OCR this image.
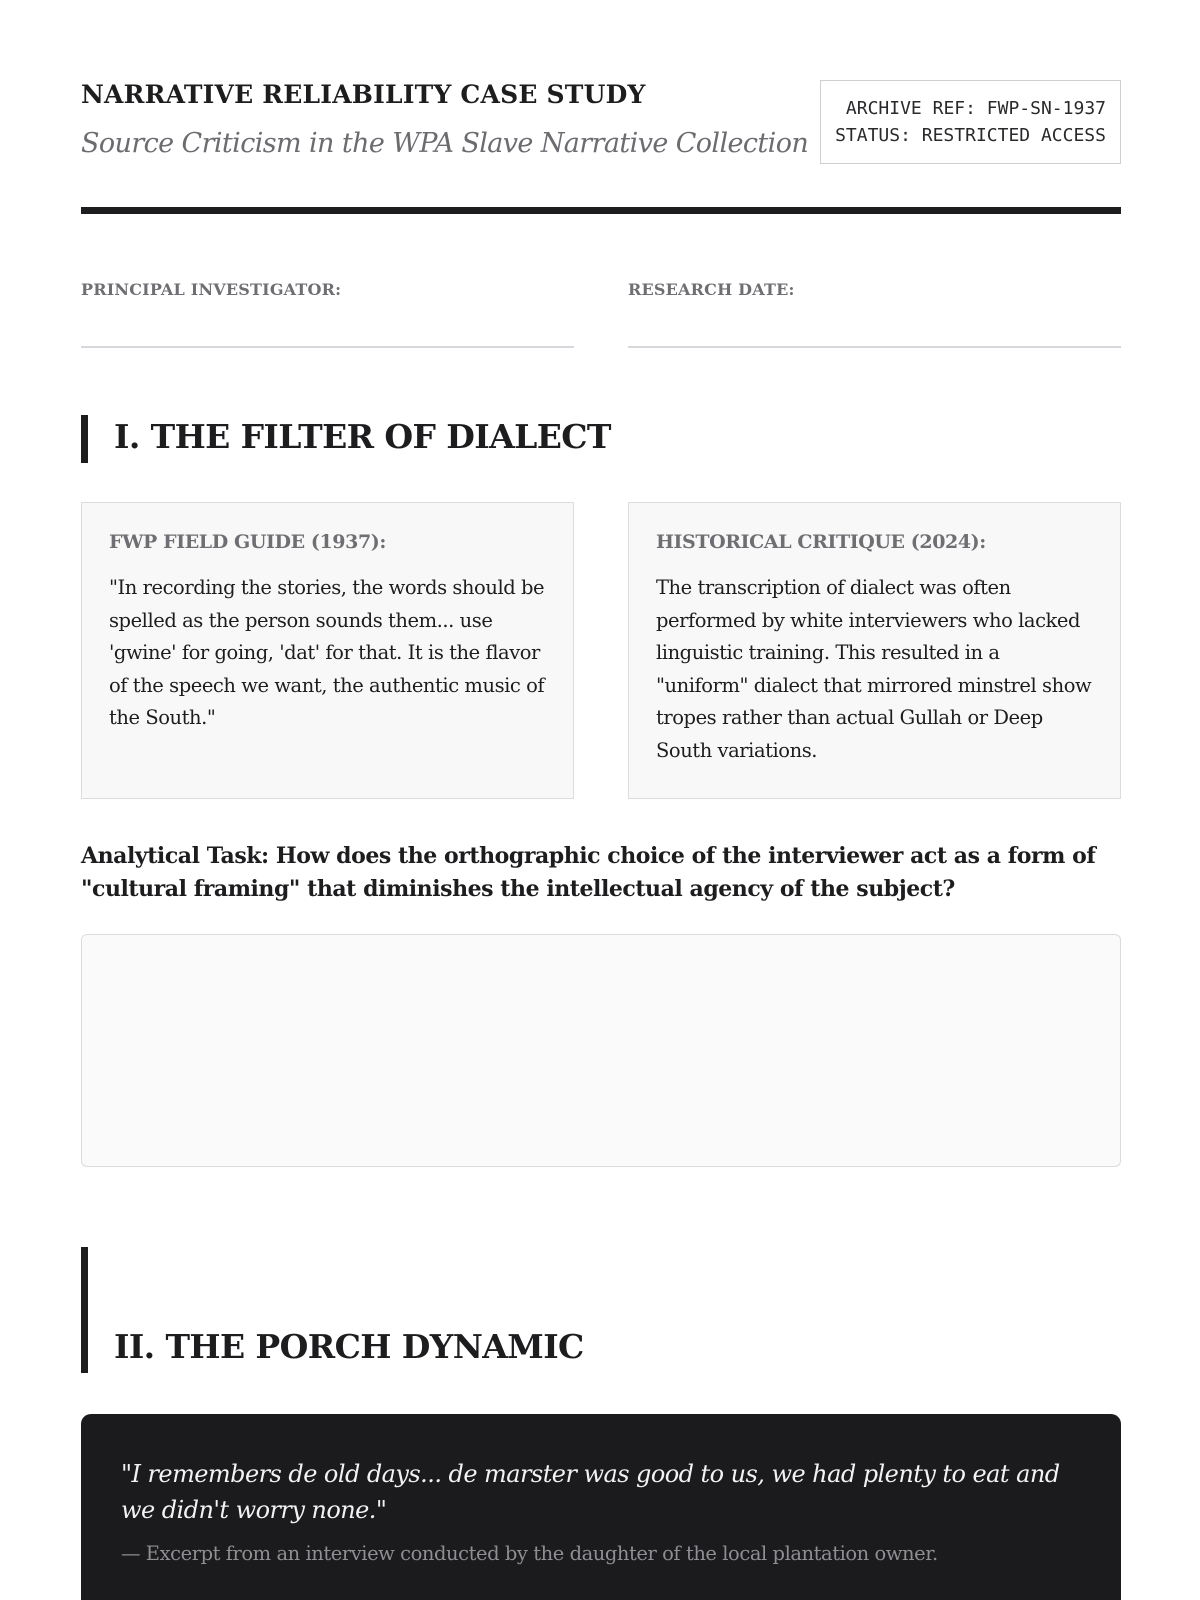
NARRATIVE RELIABILITY CASE STUDY
Source Criticism in the WPA Slave Narrative Collection
ARCHIVE REF: FWP-SN-1937
STATUS: RESTRICTED ACCESS
PRINCIPAL INVESTIGATOR:	RESEARCH DATE:
I. THE FILTER OF DIALECT
FWP FIELD GUIDE (1937):
"In recording the stories, the words should be spelled as the person sounds them... use 'gwine' for going, 'dat' for that. It is the flavor of the speech we want, the authentic music of the South."
HISTORICAL CRITIQUE (2024):
The transcription of dialect was often performed by white interviewers who lacked linguistic training. This resulted in a "uniform" dialect that mirrored minstrel show tropes rather than actual Gullah or Deep South variations.
Analytical Task: How does the orthographic choice of the interviewer act as a form of "cultural framing" that diminishes the intellectual agency of the subject?
II. THE PORCH DYNAMIC
"I remembers de old days... de marster was good to us, we had plenty to eat and we didn't worry none."
— Excerpt from an interview conducted by the daughter of the local plantation owner.
